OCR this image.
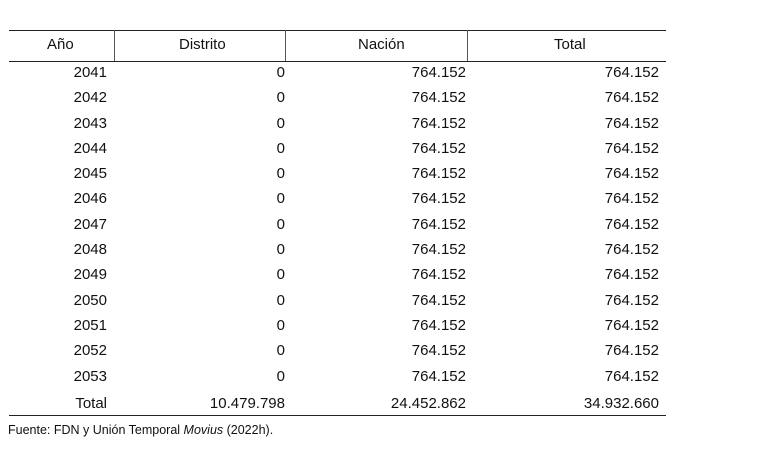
Año	Distrito	Nación	Total
2041	0	764.152	764.152
2042	0	764.152	764.152
2043	0	764.152	764.152
2044	0	764.152	764.152
2045	0	764.152	764.152
2046	0	764.152	764.152
2047	0	764.152	764.152
2048	0	764.152	764.152
2049	0	764.152	764.152
2050	0	764.152	764.152
2051	0	764.152	764.152
2052	0	764.152	764.152
2053	0	764.152	764.152
Total	10.479.798	24.452.862	34.932.660
Fuente: FDN y Unión Temporal Movius (2022h).
